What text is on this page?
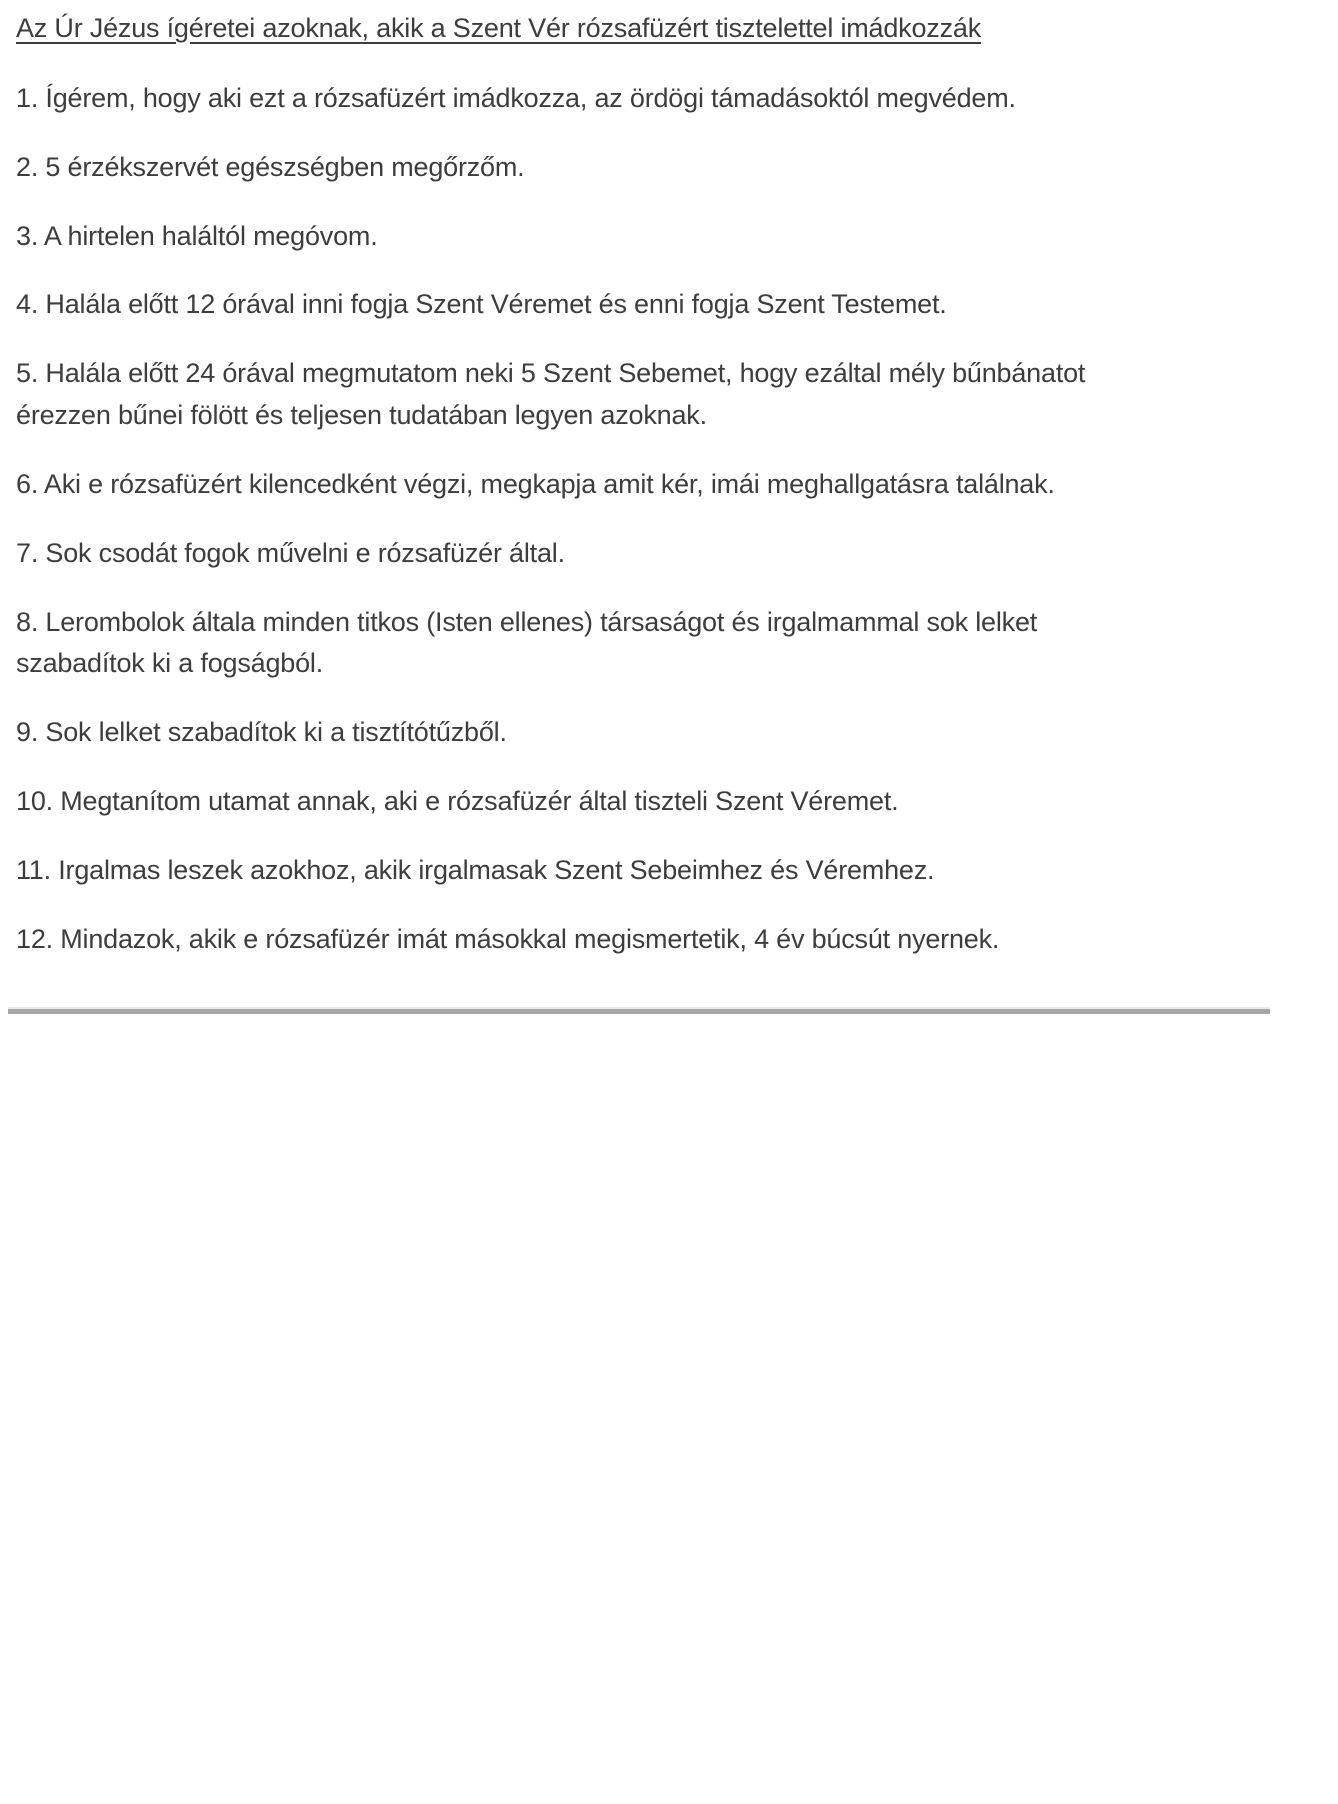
Az Úr Jézus ígéretei azoknak, akik a Szent Vér rózsafüzért tisztelettel imádkozzák

1. Ígérem, hogy aki ezt a rózsafüzért imádkozza, az ördögi támadásoktól megvédem.

2. 5 érzékszervét egészségben megőrzőm.

3. A hirtelen haláltól megóvom.

4. Halála előtt 12 órával inni fogja Szent Véremet és enni fogja Szent Testemet.

5. Halála előtt 24 órával megmutatom neki 5 Szent Sebemet, hogy ezáltal mély bűnbánatot érezzen bűnei fölött és teljesen tudatában legyen azoknak.

6. Aki e rózsafüzért kilencedként végzi, megkapja amit kér, imái meghallgatásra találnak.

7. Sok csodát fogok művelni e rózsafüzér által.

8. Lerombolok általa minden titkos (Isten ellenes) társaságot és irgalmammal sok lelket szabadítok ki a fogságból.

9. Sok lelket szabadítok ki a tisztítótűzből.

10. Megtanítom utamat annak, aki e rózsafüzér által tiszteli Szent Véremet.

11. Irgalmas leszek azokhoz, akik irgalmasak Szent Sebeimhez és Véremhez.

12. Mindazok, akik e rózsafüzér imát másokkal megismertetik, 4 év búcsút nyernek.
